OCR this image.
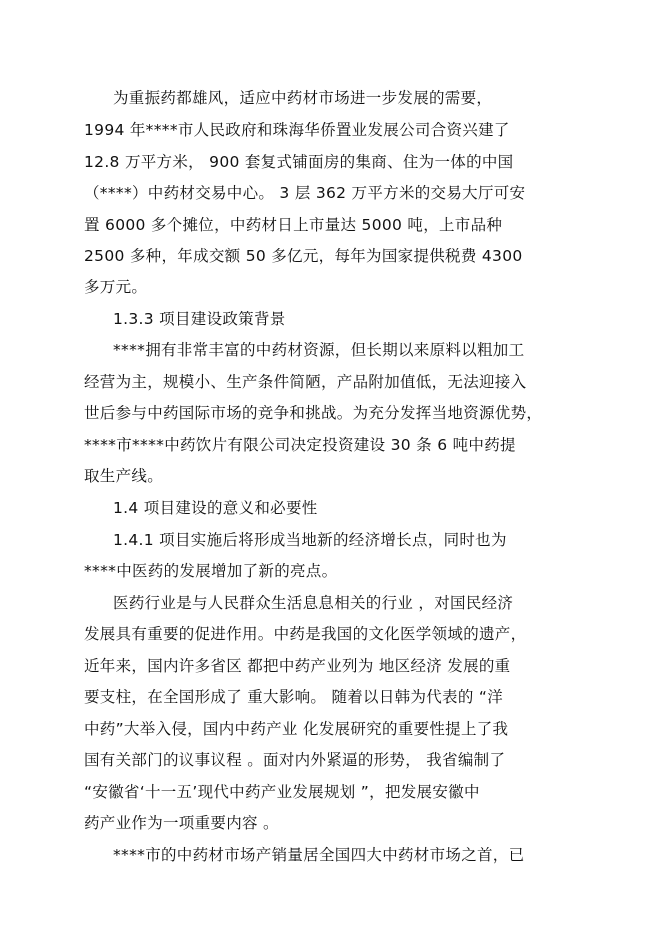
为重振药都雄风，适应中药材市场进一步发展的需要，
1994 年****市人民政府和珠海华侨置业发展公司合资兴建了
12.8 万平方米， 900 套复式铺面房的集商、住为一体的中国
（****）中药材交易中心。 3 层 362 万平方米的交易大厅可安
置 6000 多个摊位，中药材日上市量达 5000 吨，上市品种
2500 多种，年成交额 50 多亿元，每年为国家提供税费 4300
多万元。
1.3.3 项目建设政策背景
****拥有非常丰富的中药材资源，但长期以来原料以粗加工
经营为主，规模小、生产条件简陋，产品附加值低，无法迎接入
世后参与中药国际市场的竞争和挑战。为充分发挥当地资源优势，
****市****中药饮片有限公司决定投资建设 30 条 6 吨中药提
取生产线。
1.4 项目建设的意义和必要性
1.4.1 项目实施后将形成当地新的经济增长点，同时也为
****中医药的发展增加了新的亮点。
医药行业是与人民群众生活息息相关的行业 ，对国民经济
发展具有重要的促进作用。中药是我国的文化医学领域的遗产，
近年来，国内许多省区 都把中药产业列为 地区经济 发展的重
要支柱，在全国形成了 重大影响。 随着以日韩为代表的 “洋
中药”大举入侵，国内中药产业 化发展研究的重要性提上了我
国有关部门的议事议程 。面对内外紧逼的形势， 我省编制了
“安徽省‘十一五’现代中药产业发展规划 ”，把发展安徽中
药产业作为一项重要内容 。
****市的中药材市场产销量居全国四大中药材市场之首，已
